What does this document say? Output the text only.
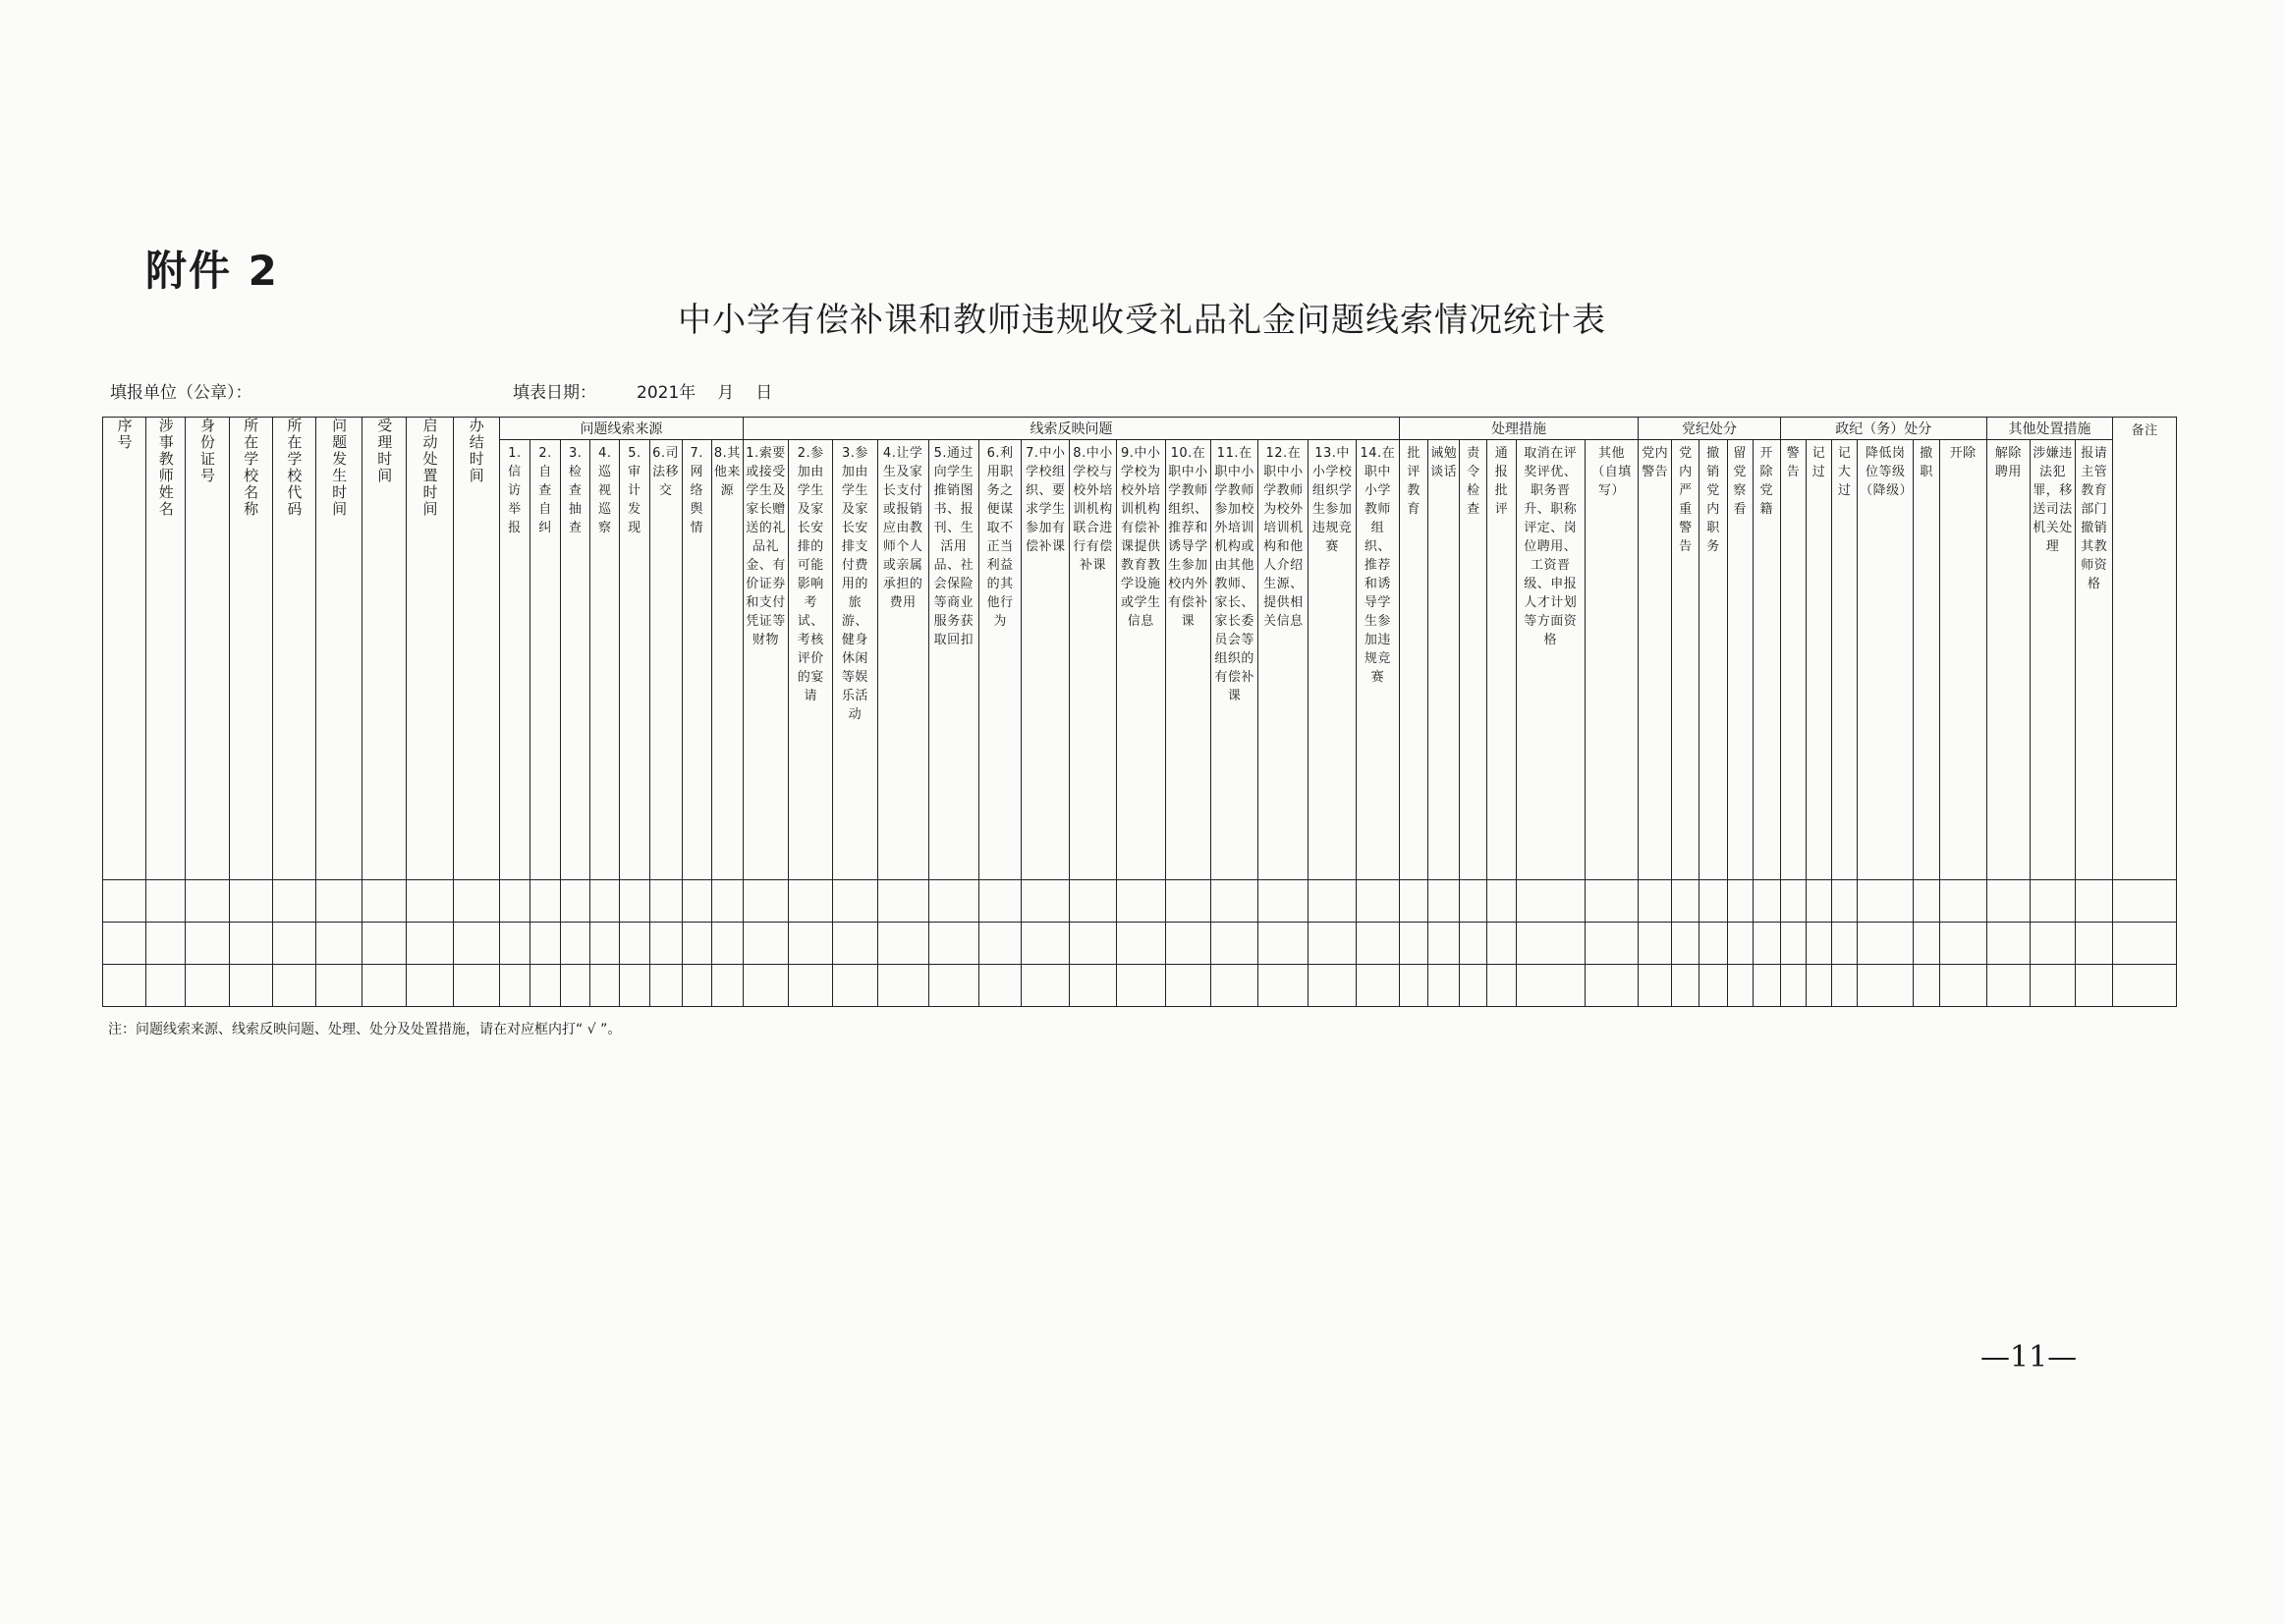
附件 2
中小学有偿补课和教师违规收受礼品礼金问题线索情况统计表
填报单位（公章）：	填表日期： 2021年 月 日
序号	涉事教师姓名	身份证号	所在学校名称	所在学校代码	问题发生时间	受理时间	启动处置时间	办结时间	问题线索来源								线索反映问题														处理措施						党纪处分					政纪（务）处分						其他处置措施			备注

									1.信访举报	2.自查自纠	3.检查抽查	4.巡视巡察	5.审计发现	6.司法移交	7.网络舆情	8.其他来源	1.索要或接受学生及家长赠送的礼品礼金、有价证券和支付凭证等财物	2.参加由学生及家长安排的可能影响考试、考核评价的宴请	3.参加由学生及家长安排支付费用的旅游、健身休闲等娱乐活动	4.让学生及家长支付或报销应由教师个人或亲属承担的费用	5.通过向学生推销图书、报刊、生活用品、社会保险等商业服务获取回扣	6.利用职务之便谋取不正当利益的其他行为	7.中小学校组织、要求学生参加有偿补课	8.中小学校与校外培训机构联合进行有偿补课	9.中小学校为校外培训机构有偿补课提供教育教学设施或学生信息	10.在职中小学教师组织、推荐和诱导学生参加校内外有偿补课	11.在职中小学教师参加校外培训机构或由其他教师、家长、家长委员会等组织的有偿补课	12.在职中小学教师为校外培训机构和他人介绍生源、提供相关信息	13.中小学校组织学生参加违规竞赛	14.在职中小学教师组织、推荐和诱导学生参加违规竞赛	批评教育	诫勉谈话	责令检查	通报批评	取消在评奖评优、职务晋升、职称评定、岗位聘用、工资晋级、申报人才计划等方面资格	其他（自填写）	党内警告	党内严重警告	撤销党内职务	留党察看	开除党籍	警告	记过	记大过	降低岗位等级（降级）	撤职	开除	解除聘用	涉嫌违法犯罪，移送司法机关处理	报请主管教育部门撤销其教师资格	

注：问题线索来源、线索反映问题、处理、处分及处置措施，请在对应框内打“ √ ”。
—11—
